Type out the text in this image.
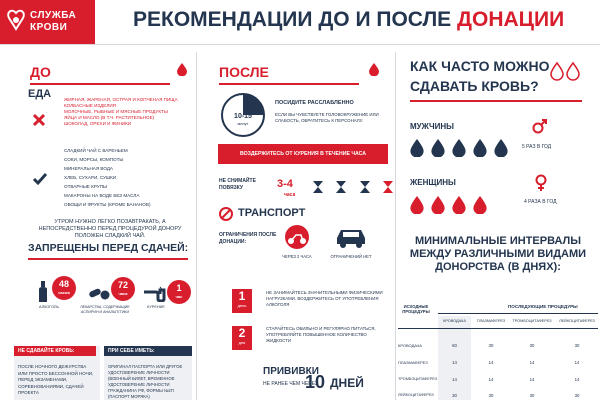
СЛУЖБА
КРОВИ	РЕКОМЕНДАЦИИ ДО И ПОСЛЕ ДОНАЦИИ
ДО
ЕДА	ЖИРНАЯ, ЖАРЕНАЯ, ОСТРАЯ И КОПЧЕНАЯ ПИЩА
КОЛБАСНЫЕ ИЗДЕЛИЯ
МОЛОЧНЫЕ, РЫБНЫЕ И МЯСНЫЕ ПРОДУКТЫ
ЯЙЦА И МАСЛО (В Т.Ч. РАСТИТЕЛЬНОЕ)
ШОКОЛАД, ОРЕХИ И ФИНИКИ
СЛАДКИЙ ЧАЙ С ВАРЕНЬЕМ
СОКИ, МОРСЫ, КОМПОТЫ
МИНЕРАЛЬНАЯ ВОДА
ХЛЕБ, СУХАРИ, СУШКИ
ОТВАРНЫЕ КРУПЫ
МАКАРОНЫ НА ВОДЕ БЕЗ МАСЛА
ОВОЩИ И ФРУКТЫ (КРОМЕ БАНАНОВ)
УТРОМ НУЖНО ЛЕГКО ПОЗАВТРАКАТЬ, А НЕПОСРЕДСТВЕННО ПЕРЕД ПРОЦЕДУРОЙ ДОНОРУ ПОЛОЖЕН СЛАДКИЙ ЧАЙ.
ЗАПРЕЩЕНЫ ПЕРЕД СДАЧЕЙ:
48
часов
АЛКОГОЛЬ
72
часа
ЛЕКАРСТВА, СОДЕРЖАЩИЕ АСПИРИН И АНАЛЬГЕТИКИ
1
час
КУРЕНИЕ
НЕ СДАВАЙТЕ КРОВЬ:
ПОСЛЕ НОЧНОГО ДЕЖУРСТВА ИЛИ ПРОСТО БЕССОННОЙ НОЧИ, ПЕРЕД ЭКЗАМЕНАМИ, СОРЕВНОВАНИЯМИ, СДАЧЕЙ ПРОЕКТА
ПРИ СЕБЕ ИМЕТЬ:
ОРИГИНАЛ ПАСПОРТА ИЛИ ДРУГОЕ УДОСТОВЕРЕНИЕ ЛИЧНОСТИ (ВОЕННЫЙ БИЛЕТ, ВРЕМЕННОЕ УДОСТОВЕРЕНИЕ ЛИЧНОСТИ ГРАЖДАНИНА РФ, ФОРМЫ №2П (ПАСПОРТ МОРЯКА)
ПОСЛЕ
10-15
минут
ПОСИДИТЕ РАССЛАБЛЕННО
ЕСЛИ ВЫ ЧУВСТВУЕТЕ ГОЛОВОКРУЖЕНИЕ ИЛИ СЛАБОСТЬ, ОБРАТИТЕСЬ К ПЕРСОНАЛУ.
ВОЗДЕРЖИТЕСЬ ОТ КУРЕНИЯ В ТЕЧЕНИЕ ЧАСА
НЕ СНИМАЙТЕ ПОВЯЗКУ	3-4
часа

ТРАНСПОРТ
ОГРАНИЧЕНИЯ ПОСЛЕ ДОНАЦИИ:
ЧЕРЕЗ 2 ЧАСА	ОГРАНИЧЕНИЙ НЕТ
1
день
НЕ ЗАНИМАЙТЕСЬ ЗНАЧИТЕЛЬНЫМИ ФИЗИЧЕСКИМИ НАГРУЗКАМИ, ВОЗДЕРЖИТЕСЬ ОТ УПОТРЕБЛЕНИЯ АЛКОГОЛЯ
2
дня
СТАРАЙТЕСЬ ОБИЛЬНО И РЕГУЛЯРНО ПИТАТЬСЯ, УПОТРЕБЛЯЙТЕ ПОВЫШЕННОЕ КОЛИЧЕСТВО ЖИДКОСТИ
ПРИВИВКИ
НЕ РАНЕЕ ЧЕМ ЧЕРЕЗ
10 ДНЕЙ
КАК ЧАСТО МОЖНО
СДАВАТЬ КРОВЬ?
МУЖЧИНЫ
5 РАЗ В ГОД
ЖЕНЩИНЫ
4 РАЗА В ГОД
МИНИМАЛЬНЫЕ ИНТЕРВАЛЫ МЕЖДУ РАЗЛИЧНЫМИ ВИДАМИ ДОНОРСТВА (В ДНЯХ):
ИСХОДНЫЕ ПРОЦЕДУРЫ
ПОСЛЕДУЮЩИЕ ПРОЦЕДУРЫ
КРОВОДАЧА	ПЛАЗМАФЕРЕЗ	ТРОМБОЦИТАФЕРЕЗ	ЛЕЙКОЦИТАФЕРЕЗ
КРОВОДАЧА	60	30	30	30
ПЛАЗМАФЕРЕЗ	14	14	14	14
ТРОМБОЦИТАФЕРЕЗ	14	14	14	14
ЛЕЙКОЦИТАФЕРЕЗ	30	30	30	30
